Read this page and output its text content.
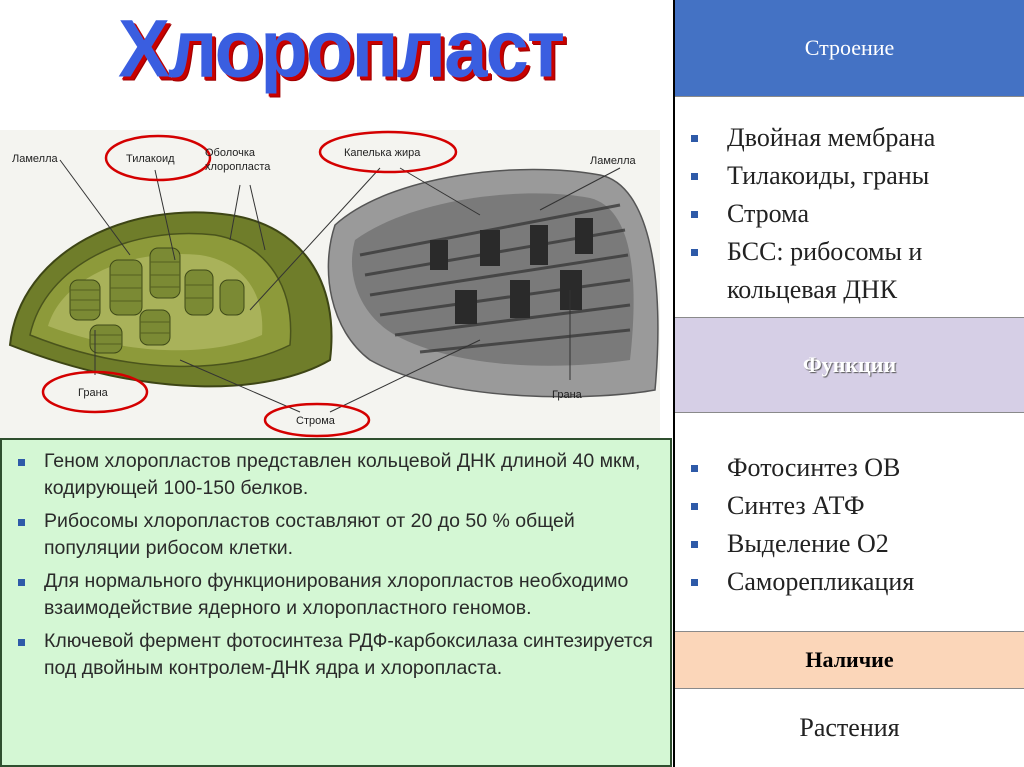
Хлоропласт
Ламелла	Тилакоид	Оболочка
хлоропласта
Капелька жира
Ламелла
Грана
Строма
Грана
Геном хлоропластов представлен кольцевой ДНК длиной 40 мкм, кодирующей 100-150 белков.
Рибосомы хлоропластов составляют от 20 до 50 % общей популяции рибосом клетки.
Для нормального функционирования хлоропластов необходимо взаимодействие ядерного и хлоропластного геномов.
Ключевой фермент фотосинтеза РДФ-карбоксилаза синтезируется под двойным контролем-ДНК ядра и хлоропласта.
Строение
Двойная мембрана
Тилакоиды, граны
Строма
БСС: рибосомы и кольцевая ДНК
Функции
Фотосинтез ОВ
Синтез АТФ
Выделение О2
Саморепликация
Наличие
Растения
